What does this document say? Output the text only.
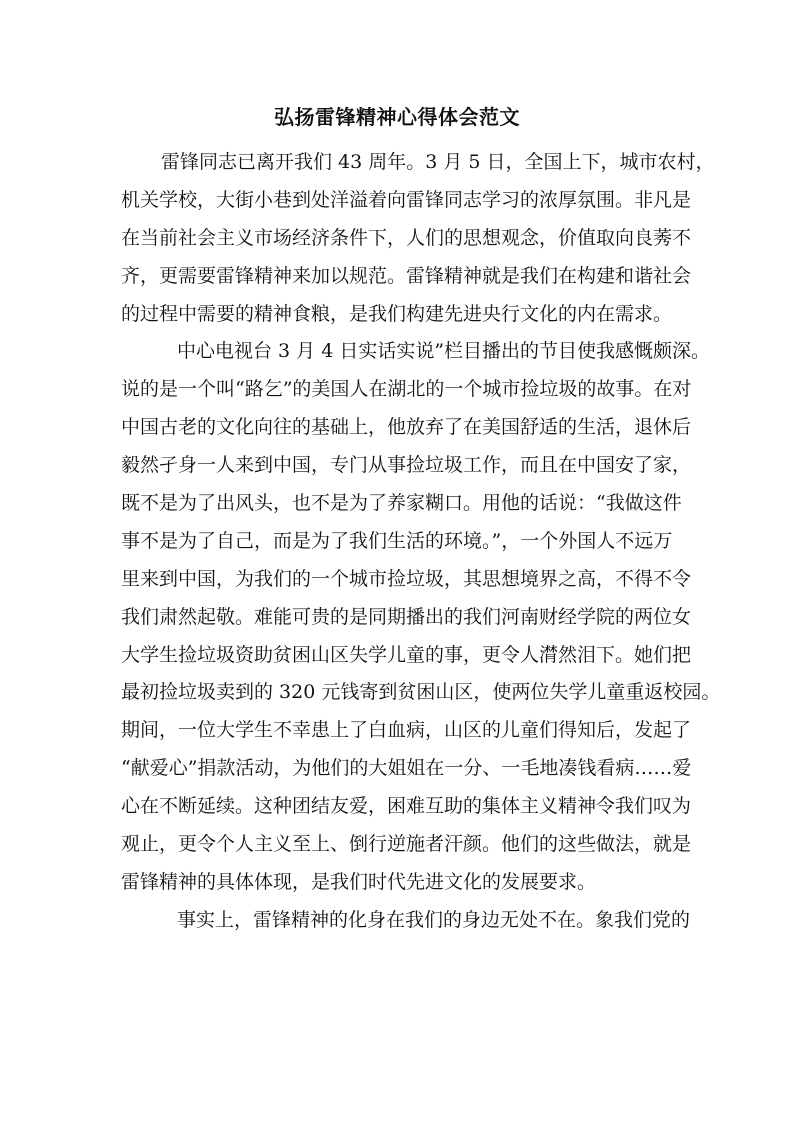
弘扬雷锋精神心得体会范文
雷锋同志已离开我们 43 周年。3 月 5 日，全国上下，城市农村，
机关学校，大街小巷到处洋溢着向雷锋同志学习的浓厚氛围。非凡是
在当前社会主义市场经济条件下，人们的思想观念，价值取向良莠不
齐，更需要雷锋精神来加以规范。雷锋精神就是我们在构建和谐社会
的过程中需要的精神食粮，是我们构建先进央行文化的内在需求。
中心电视台 3 月 4 日实话实说”栏目播出的节目使我感慨颇深。
说的是一个叫“路乞”的美国人在湖北的一个城市捡垃圾的故事。在对
中国古老的文化向往的基础上，他放弃了在美国舒适的生活，退休后
毅然孑身一人来到中国，专门从事捡垃圾工作，而且在中国安了家，
既不是为了出风头，也不是为了养家糊口。用他的话说：“我做这件
事不是为了自己，而是为了我们生活的环境。”，一个外国人不远万
里来到中国，为我们的一个城市捡垃圾，其思想境界之高，不得不令
我们肃然起敬。难能可贵的是同期播出的我们河南财经学院的两位女
大学生捡垃圾资助贫困山区失学儿童的事，更令人潸然泪下。她们把
最初捡垃圾卖到的 320 元钱寄到贫困山区，使两位失学儿童重返校园。
期间，一位大学生不幸患上了白血病，山区的儿童们得知后，发起了
“献爱心”捐款活动，为他们的大姐姐在一分、一毛地凑钱看病……爱
心在不断延续。这种团结友爱，困难互助的集体主义精神令我们叹为
观止，更令个人主义至上、倒行逆施者汗颜。他们的这些做法，就是
雷锋精神的具体体现，是我们时代先进文化的发展要求。
事实上，雷锋精神的化身在我们的身边无处不在。象我们党的
